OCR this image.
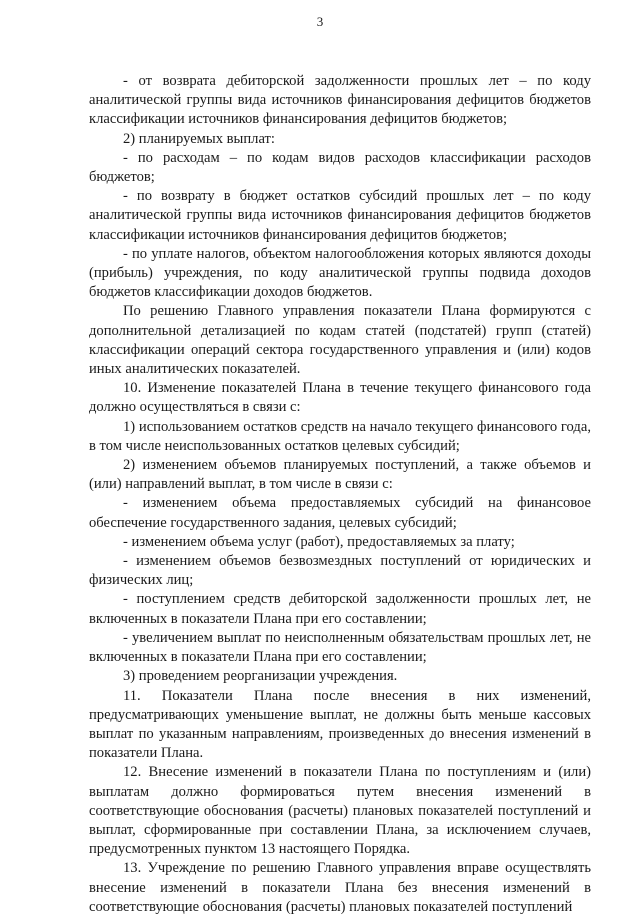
3

- от возврата дебиторской задолженности прошлых лет – по коду аналитической группы вида источников финансирования дефицитов бюджетов классификации источников финансирования дефицитов бюджетов;

2) планируемых выплат:

- по расходам – по кодам видов расходов классификации расходов бюджетов;

- по возврату в бюджет остатков субсидий прошлых лет – по коду аналитической группы вида источников финансирования дефицитов бюджетов классификации источников финансирования дефицитов бюджетов;

- по уплате налогов, объектом налогообложения которых являются доходы (прибыль) учреждения, по коду аналитической группы подвида доходов бюджетов классификации доходов бюджетов.

По решению Главного управления показатели Плана формируются с дополнительной детализацией по кодам статей (подстатей) групп (статей) классификации операций сектора государственного управления и (или) кодов иных аналитических показателей.

10. Изменение показателей Плана в течение текущего финансового года должно осуществляться в связи с:

1) использованием остатков средств на начало текущего финансового года, в том числе неиспользованных остатков целевых субсидий;

2) изменением объемов планируемых поступлений, а также объемов и (или) направлений выплат, в том числе в связи с:

- изменением объема предоставляемых субсидий на финансовое обеспечение государственного задания, целевых субсидий;

- изменением объема услуг (работ), предоставляемых за плату;

- изменением объемов безвозмездных поступлений от юридических и физических лиц;

- поступлением средств дебиторской задолженности прошлых лет, не включенных в показатели Плана при его составлении;

- увеличением выплат по неисполненным обязательствам прошлых лет, не включенных в показатели Плана при его составлении;

3) проведением реорганизации учреждения.

11. Показатели Плана после внесения в них изменений, предусматривающих уменьшение выплат, не должны быть меньше кассовых выплат по указанным направлениям, произведенных до внесения изменений в показатели Плана.

12. Внесение изменений в показатели Плана по поступлениям и (или) выплатам должно формироваться путем внесения изменений в соответствующие обоснования (расчеты) плановых показателей поступлений и выплат, сформированные при составлении Плана, за исключением случаев, предусмотренных пунктом 13 настоящего Порядка.

13. Учреждение по решению Главного управления вправе осуществлять внесение изменений в показатели Плана без внесения изменений в соответствующие обоснования (расчеты) плановых показателей поступлений
